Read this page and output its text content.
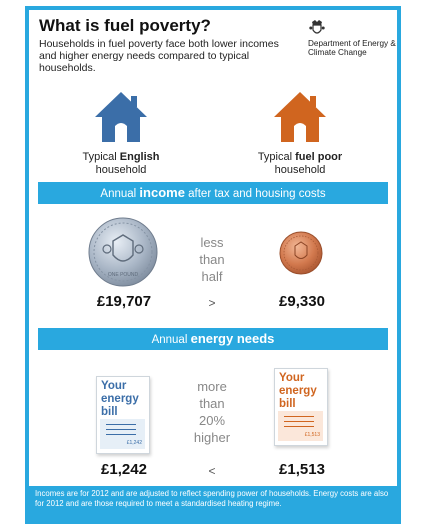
What is fuel poverty?
Households in fuel poverty face both lower incomes and higher energy needs compared to typical households.
Department of Energy & Climate Change
Typical English
household
Typical fuel poor
household
Annual income after tax and housing costs
ONE POUND
less
than
half
£19,707	>	£9,330
Annual energy needs
Your energy bill
£1,242
more
than
20%
higher
Your energy bill
£1,513
£1,242	<	£1,513
Incomes are for 2012 and are adjusted to reflect spending power of households. Energy costs are also for 2012 and are those required to meet a standardised heating regime.
